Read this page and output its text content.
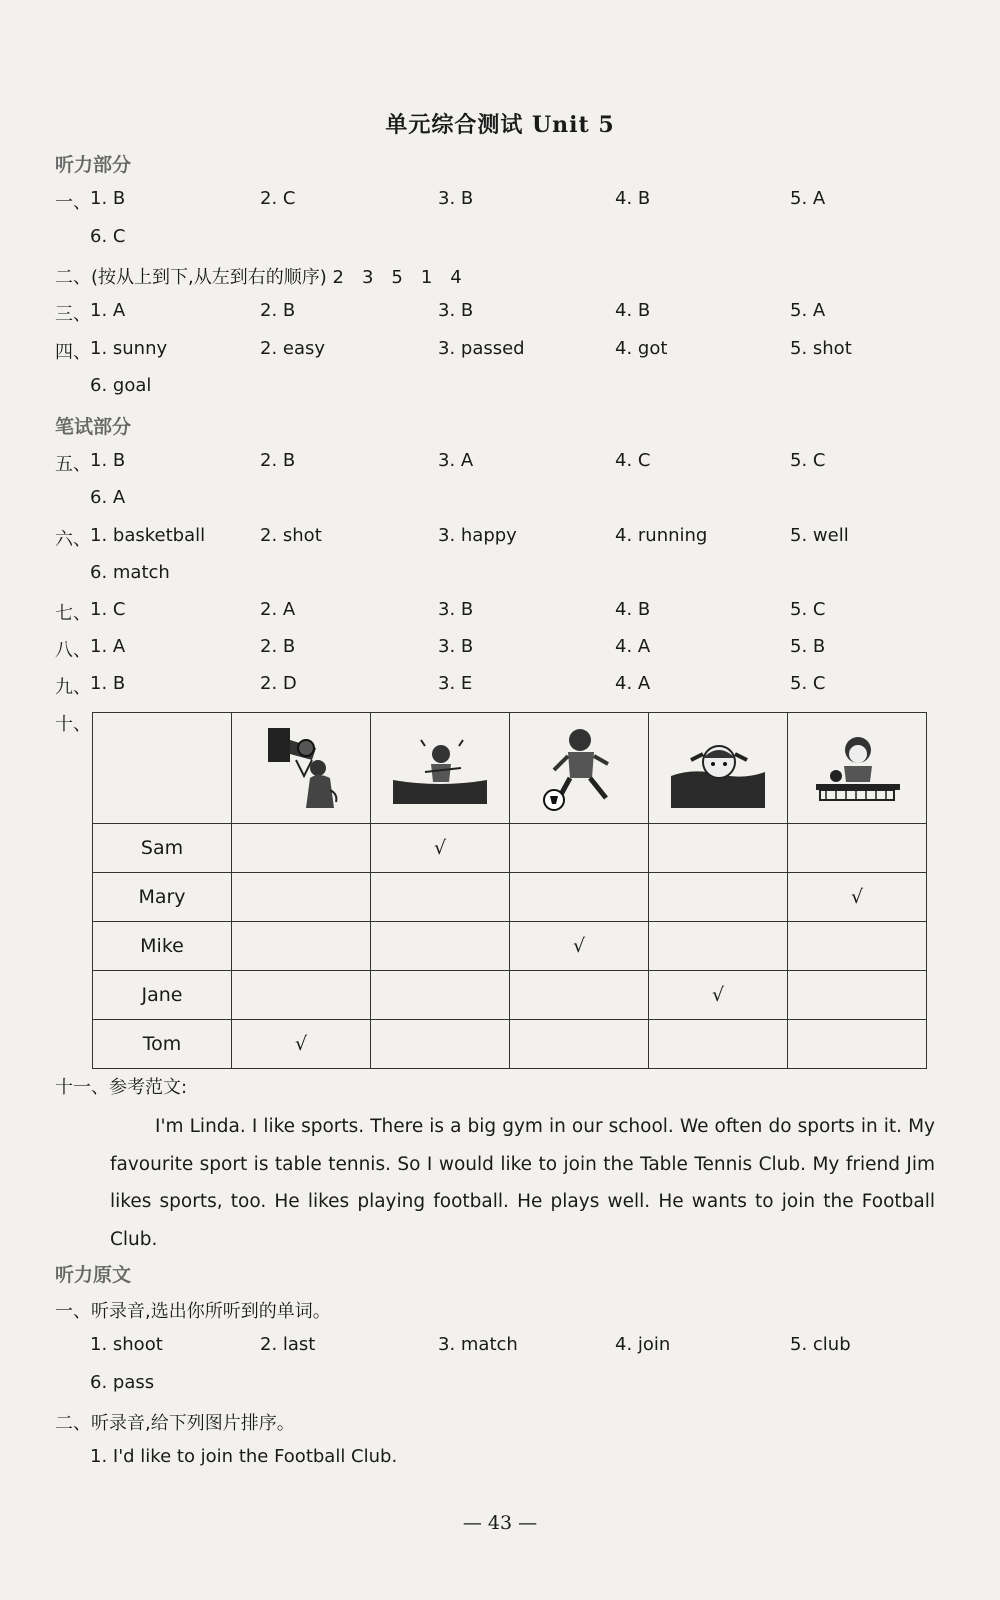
单元综合测试 Unit 5
听力部分
一、 1. B	2. C	3. B	4. B	5. A
6. C
二、(按从上到下,从左到右的顺序) 2　3　5　1　4
三、 1. A	2. B	3. B	4. B	5. A
四、 1. sunny	2. easy	3. passed	4. got	5. shot
6. goal
笔试部分
五、 1. B	2. B	3. A	4. C	5. C
6. A
六、 1. basketball	2. shot	3. happy	4. running	5. well
6. match
七、 1. C	2. A	3. B	4. B	5. C
八、 1. A	2. B	3. B	4. A	5. B
九、 1. B	2. D	3. E	4. A	5. C
十、

Sam		√			
Mary					√
Mike			√		
Jane				√	
Tom	√				
十一、参考范文:

I'm Linda. I like sports. There is a big gym in our school. We often do sports in it. My favourite sport is table tennis. So I would like to join the Table Tennis Club. My friend Jim likes sports, too. He likes playing football. He plays well. He wants to join the Football Club.

听力原文
一、听录音,选出你所听到的单词。
1. shoot	2. last	3. match	4. join	5. club
6. pass
二、听录音,给下列图片排序。
1. I'd like to join the Football Club.
— 43 —
